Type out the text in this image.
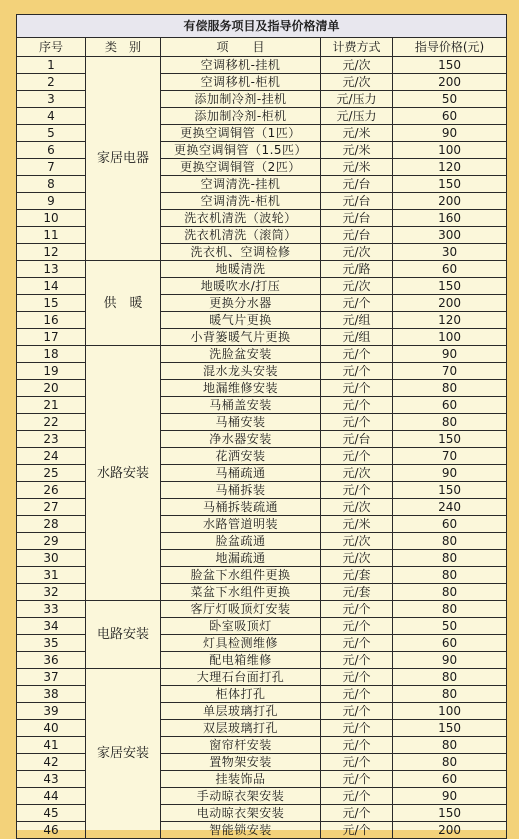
有偿服务项目及指导价格清单				
序号	类　别	项　　目	计费方式	指导价格(元)
1	家居电器	空调移机-挂机	元/次	150
2		空调移机-柜机	元/次	200
3		添加制冷剂-挂机	元/压力	50
4		添加制冷剂-柜机	元/压力	60
5		更换空调铜管（1匹）	元/米	90
6		更换空调铜管（1.5匹）	元/米	100
7		更换空调铜管（2匹）	元/米	120
8		空调清洗-挂机	元/台	150
9		空调清洗-柜机	元/台	200
10		洗衣机清洗（波轮）	元/台	160
11		洗衣机清洗（滚筒）	元/台	300
12		洗衣机、空调检修	元/次	30
13	供　暖	地暖清洗	元/路	60
14		地暖吹水/打压	元/次	150
15		更换分水器	元/个	200
16		暖气片更换	元/组	120
17		小背篓暖气片更换	元/组	100
18	水路安装	洗脸盆安装	元/个	90
19		混水龙头安装	元/个	70
20		地漏维修安装	元/个	80
21		马桶盖安装	元/个	60
22		马桶安装	元/个	80
23		净水器安装	元/台	150
24		花洒安装	元/个	70
25		马桶疏通	元/次	90
26		马桶拆装	元/个	150
27		马桶拆装疏通	元/次	240
28		水路管道明装	元/米	60
29		脸盆疏通	元/次	80
30		地漏疏通	元/次	80
31		脸盆下水组件更换	元/套	80
32		菜盆下水组件更换	元/套	80
33	电路安装	客厅灯吸顶灯安装	元/个	80
34		卧室吸顶灯	元/个	50
35		灯具检测维修	元/个	60
36		配电箱维修	元/个	90
37	家居安装	大理石台面打孔	元/个	80
38		柜体打孔	元/个	80
39		单层玻璃打孔	元/个	100
40		双层玻璃打孔	元/个	150
41		窗帘杆安装	元/个	80
42		置物架安装	元/个	80
43		挂装饰品	元/个	60
44		手动晾衣架安装	元/个	90
45		电动晾衣架安装	元/个	150
46		智能锁安装	元/个	200
